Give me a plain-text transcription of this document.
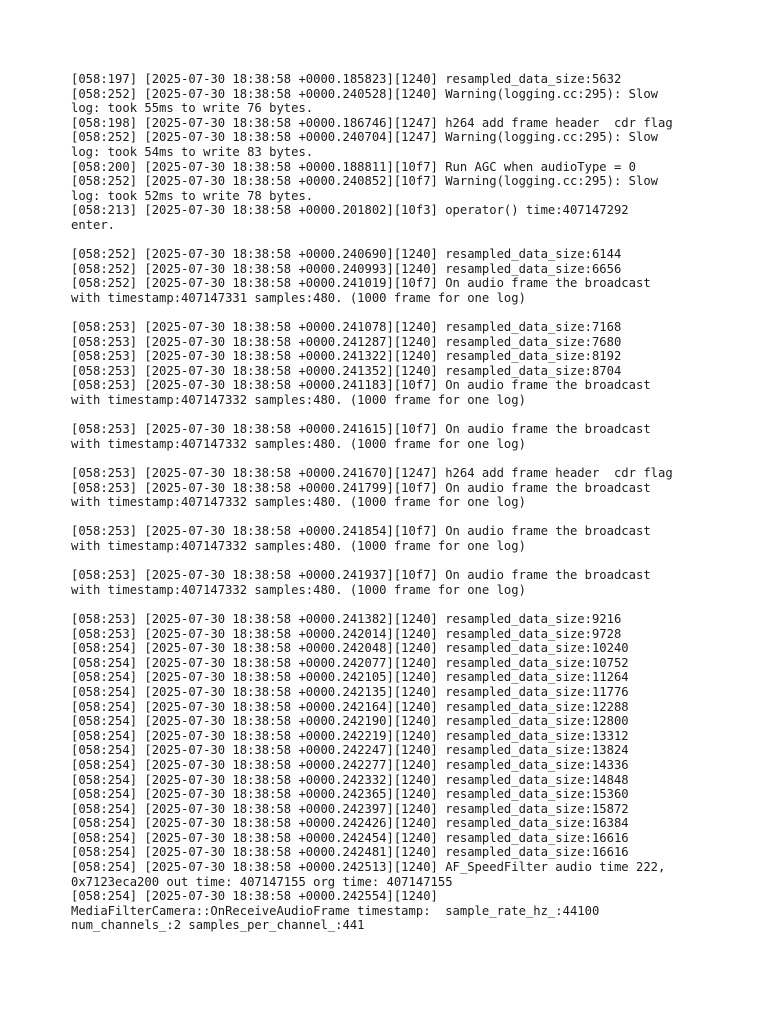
[058:197] [2025-07-30 18:38:58 +0000.185823][1240] resampled_data_size:5632
[058:252] [2025-07-30 18:38:58 +0000.240528][1240] Warning(logging.cc:295): Slow
log: took 55ms to write 76 bytes.
[058:198] [2025-07-30 18:38:58 +0000.186746][1247] h264 add frame header  cdr flag
[058:252] [2025-07-30 18:38:58 +0000.240704][1247] Warning(logging.cc:295): Slow
log: took 54ms to write 83 bytes.
[058:200] [2025-07-30 18:38:58 +0000.188811][10f7] Run AGC when audioType = 0
[058:252] [2025-07-30 18:38:58 +0000.240852][10f7] Warning(logging.cc:295): Slow
log: took 52ms to write 78 bytes.
[058:213] [2025-07-30 18:38:58 +0000.201802][10f3] operator() time:407147292
enter.
[058:252] [2025-07-30 18:38:58 +0000.240690][1240] resampled_data_size:6144
[058:252] [2025-07-30 18:38:58 +0000.240993][1240] resampled_data_size:6656
[058:252] [2025-07-30 18:38:58 +0000.241019][10f7] On audio frame the broadcast
with timestamp:407147331 samples:480. (1000 frame for one log)
[058:253] [2025-07-30 18:38:58 +0000.241078][1240] resampled_data_size:7168
[058:253] [2025-07-30 18:38:58 +0000.241287][1240] resampled_data_size:7680
[058:253] [2025-07-30 18:38:58 +0000.241322][1240] resampled_data_size:8192
[058:253] [2025-07-30 18:38:58 +0000.241352][1240] resampled_data_size:8704
[058:253] [2025-07-30 18:38:58 +0000.241183][10f7] On audio frame the broadcast
with timestamp:407147332 samples:480. (1000 frame for one log)
[058:253] [2025-07-30 18:38:58 +0000.241615][10f7] On audio frame the broadcast
with timestamp:407147332 samples:480. (1000 frame for one log)
[058:253] [2025-07-30 18:38:58 +0000.241670][1247] h264 add frame header  cdr flag
[058:253] [2025-07-30 18:38:58 +0000.241799][10f7] On audio frame the broadcast
with timestamp:407147332 samples:480. (1000 frame for one log)
[058:253] [2025-07-30 18:38:58 +0000.241854][10f7] On audio frame the broadcast
with timestamp:407147332 samples:480. (1000 frame for one log)
[058:253] [2025-07-30 18:38:58 +0000.241937][10f7] On audio frame the broadcast
with timestamp:407147332 samples:480. (1000 frame for one log)
[058:253] [2025-07-30 18:38:58 +0000.241382][1240] resampled_data_size:9216
[058:253] [2025-07-30 18:38:58 +0000.242014][1240] resampled_data_size:9728
[058:254] [2025-07-30 18:38:58 +0000.242048][1240] resampled_data_size:10240
[058:254] [2025-07-30 18:38:58 +0000.242077][1240] resampled_data_size:10752
[058:254] [2025-07-30 18:38:58 +0000.242105][1240] resampled_data_size:11264
[058:254] [2025-07-30 18:38:58 +0000.242135][1240] resampled_data_size:11776
[058:254] [2025-07-30 18:38:58 +0000.242164][1240] resampled_data_size:12288
[058:254] [2025-07-30 18:38:58 +0000.242190][1240] resampled_data_size:12800
[058:254] [2025-07-30 18:38:58 +0000.242219][1240] resampled_data_size:13312
[058:254] [2025-07-30 18:38:58 +0000.242247][1240] resampled_data_size:13824
[058:254] [2025-07-30 18:38:58 +0000.242277][1240] resampled_data_size:14336
[058:254] [2025-07-30 18:38:58 +0000.242332][1240] resampled_data_size:14848
[058:254] [2025-07-30 18:38:58 +0000.242365][1240] resampled_data_size:15360
[058:254] [2025-07-30 18:38:58 +0000.242397][1240] resampled_data_size:15872
[058:254] [2025-07-30 18:38:58 +0000.242426][1240] resampled_data_size:16384
[058:254] [2025-07-30 18:38:58 +0000.242454][1240] resampled_data_size:16616
[058:254] [2025-07-30 18:38:58 +0000.242481][1240] resampled_data_size:16616
[058:254] [2025-07-30 18:38:58 +0000.242513][1240] AF_SpeedFilter audio time 222,
0x7123eca200 out time: 407147155 org time: 407147155
[058:254] [2025-07-30 18:38:58 +0000.242554][1240]
MediaFilterCamera::OnReceiveAudioFrame timestamp:  sample_rate_hz_:44100
num_channels_:2 samples_per_channel_:441
